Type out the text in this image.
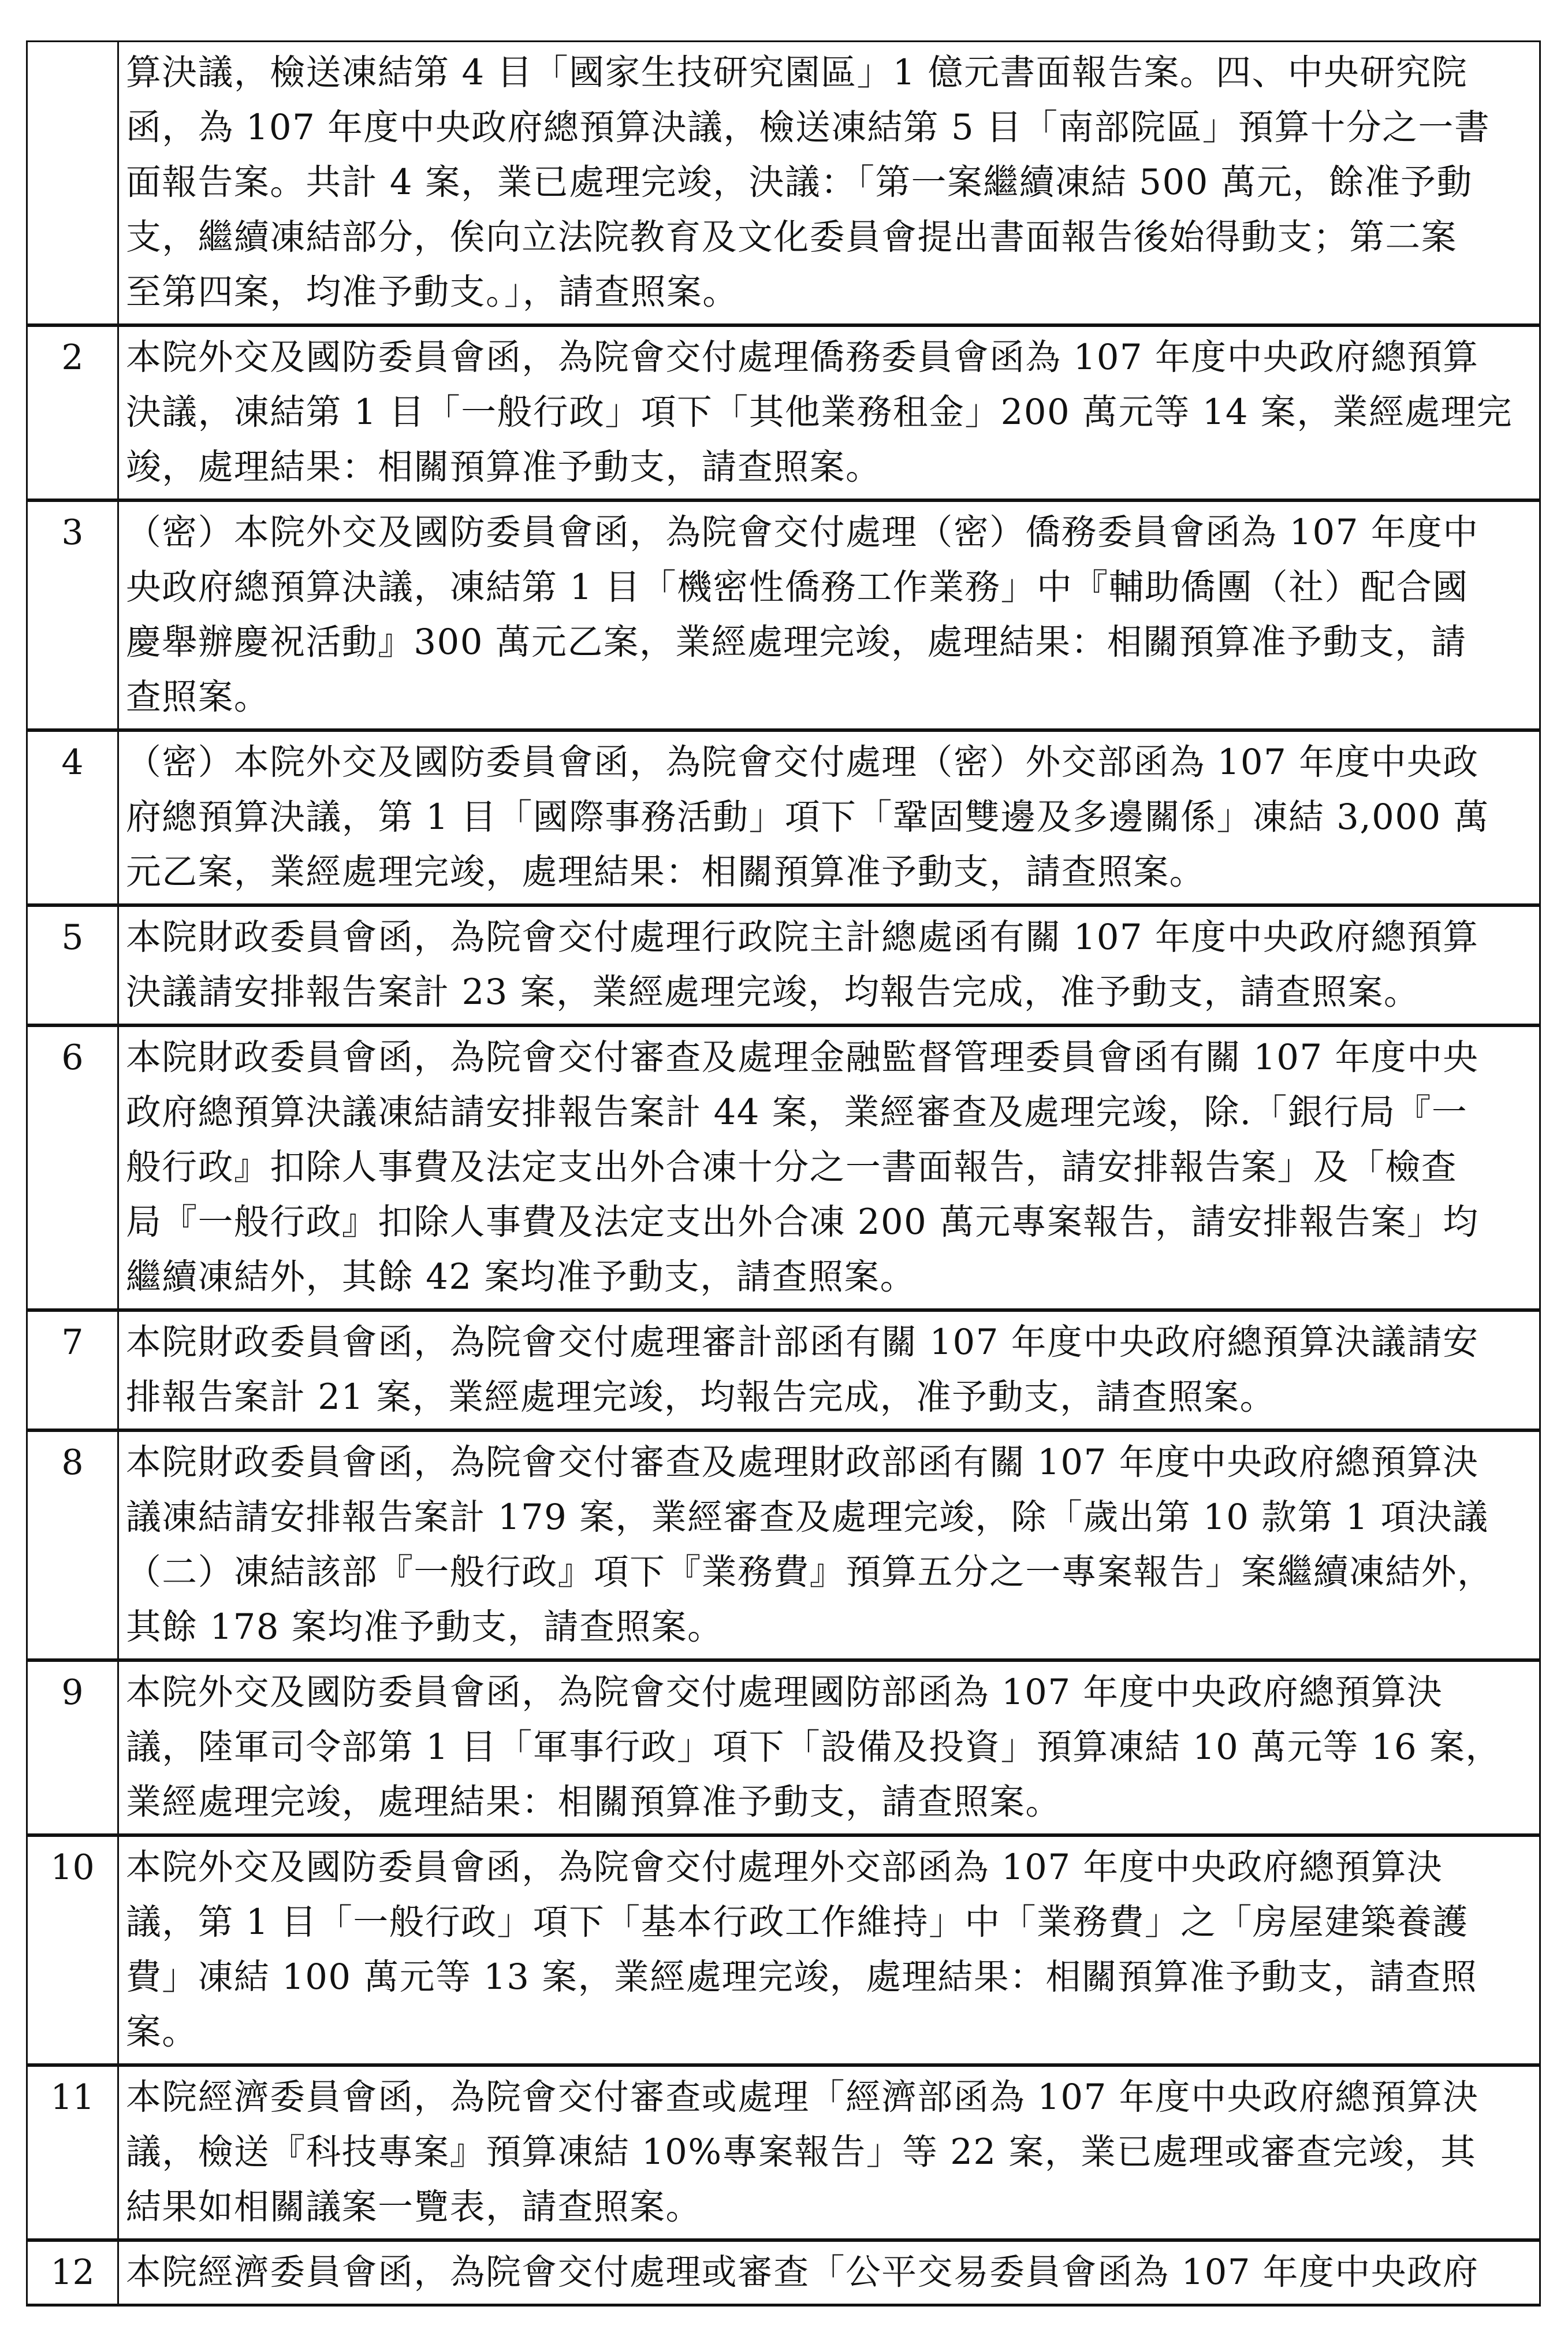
算決議，檢送凍結第 4 目「國家生技研究園區」1 億元書面報告案。四、中央研究院
函，為 107 年度中央政府總預算決議，檢送凍結第 5 目「南部院區」預算十分之一書
面報告案。共計 4 案，業已處理完竣，決議：「第一案繼續凍結 500 萬元，餘准予動
支，繼續凍結部分，俟向立法院教育及文化委員會提出書面報告後始得動支；第二案
至第四案，均准予動支。」，請查照案。
2	本院外交及國防委員會函，為院會交付處理僑務委員會函為 107 年度中央政府總預算
決議，凍結第 1 目「一般行政」項下「其他業務租金」200 萬元等 14 案，業經處理完
竣，處理結果：相關預算准予動支，請查照案。
3	（密）本院外交及國防委員會函，為院會交付處理（密）僑務委員會函為 107 年度中
央政府總預算決議，凍結第 1 目「機密性僑務工作業務」中『輔助僑團（社）配合國
慶舉辦慶祝活動』300 萬元乙案，業經處理完竣，處理結果：相關預算准予動支，請
查照案。
4	（密）本院外交及國防委員會函，為院會交付處理（密）外交部函為 107 年度中央政
府總預算決議，第 1 目「國際事務活動」項下「鞏固雙邊及多邊關係」凍結 3,000 萬
元乙案，業經處理完竣，處理結果：相關預算准予動支，請查照案。
5	本院財政委員會函，為院會交付處理行政院主計總處函有關 107 年度中央政府總預算
決議請安排報告案計 23 案，業經處理完竣，均報告完成，准予動支，請查照案。
6	本院財政委員會函，為院會交付審查及處理金融監督管理委員會函有關 107 年度中央
政府總預算決議凍結請安排報告案計 44 案，業經審查及處理完竣，除.「銀行局『一
般行政』扣除人事費及法定支出外合凍十分之一書面報告，請安排報告案」及「檢查
局『一般行政』扣除人事費及法定支出外合凍 200 萬元專案報告，請安排報告案」均
繼續凍結外，其餘 42 案均准予動支，請查照案。
7	本院財政委員會函，為院會交付處理審計部函有關 107 年度中央政府總預算決議請安
排報告案計 21 案，業經處理完竣，均報告完成，准予動支，請查照案。
8	本院財政委員會函，為院會交付審查及處理財政部函有關 107 年度中央政府總預算決
議凍結請安排報告案計 179 案，業經審查及處理完竣，除「歲出第 10 款第 1 項決議
（二）凍結該部『一般行政』項下『業務費』預算五分之一專案報告」案繼續凍結外，
其餘 178 案均准予動支，請查照案。
9	本院外交及國防委員會函，為院會交付處理國防部函為 107 年度中央政府總預算決
議，陸軍司令部第 1 目「軍事行政」項下「設備及投資」預算凍結 10 萬元等 16 案，
業經處理完竣，處理結果：相關預算准予動支，請查照案。
10 本院外交及國防委員會函，為院會交付處理外交部函為 107 年度中央政府總預算決
議，第 1 目「一般行政」項下「基本行政工作維持」中「業務費」之「房屋建築養護
費」凍結 100 萬元等 13 案，業經處理完竣，處理結果：相關預算准予動支，請查照
案。
11 本院經濟委員會函，為院會交付審查或處理「經濟部函為 107 年度中央政府總預算決
議，檢送『科技專案』預算凍結 10%專案報告」等 22 案，業已處理或審查完竣，其
結果如相關議案一覽表，請查照案。
12 本院經濟委員會函，為院會交付處理或審查「公平交易委員會函為 107 年度中央政府
